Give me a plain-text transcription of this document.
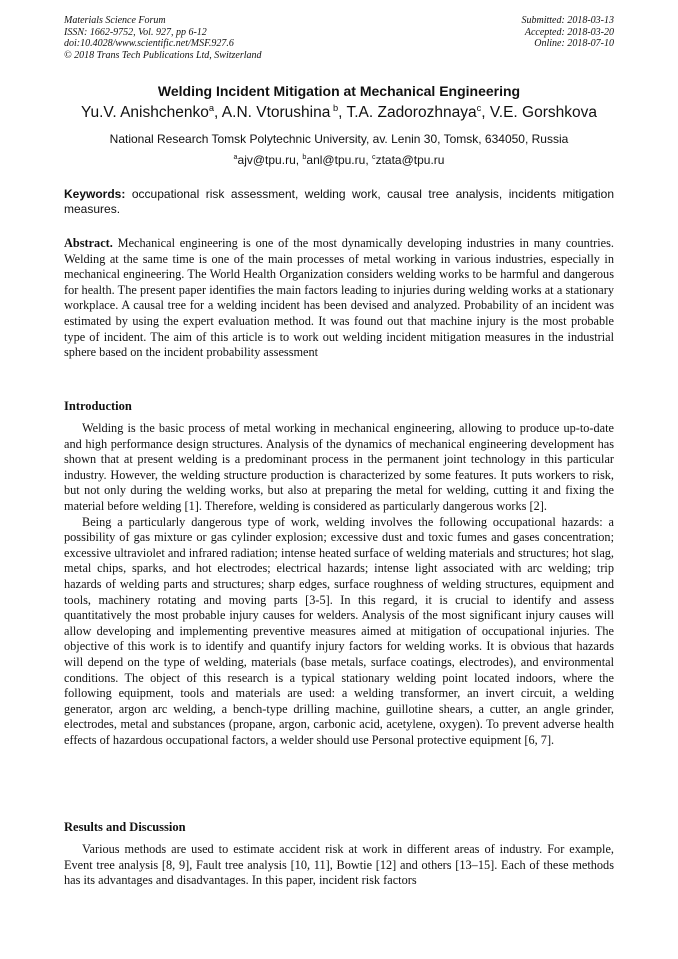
Materials Science Forum
ISSN: 1662-9752, Vol. 927, pp 6-12
doi:10.4028/www.scientific.net/MSF.927.6
© 2018 Trans Tech Publications Ltd, Switzerland
Submitted: 2018-03-13
Accepted: 2018-03-20
Online: 2018-07-10
Welding Incident Mitigation at Mechanical Engineering
Yu.V. Anishchenko$^a$, A.N. Vtorushina $^b$, T.A. Zadorozhnaya$^c$, V.E. Gorshkova
National Research Tomsk Polytechnic University, av. Lenin 30, Tomsk, 634050, Russia
$^a$ajv@tpu.ru, $^b$anl@tpu.ru, $^c$ztata@tpu.ru
Keywords: occupational risk assessment, welding work, causal tree analysis, incidents mitigation measures.
Abstract. Mechanical engineering is one of the most dynamically developing industries in many countries. Welding at the same time is one of the main processes of metal working in various industries, especially in mechanical engineering. The World Health Organization considers welding works to be harmful and dangerous for health. The present paper identifies the main factors leading to injuries during welding works at a stationary workplace. A causal tree for a welding incident has been devised and analyzed. Probability of an incident was estimated by using the expert evaluation method. It was found out that machine injury is the most probable type of incident. The aim of this article is to work out welding incident mitigation measures in the industrial sphere based on the incident probability assessment
Introduction

Welding is the basic process of metal working in mechanical engineering, allowing to produce up-to-date and high performance design structures. Analysis of the dynamics of mechanical engineering development has shown that at present welding is a predominant process in the permanent joint technology in this particular industry. However, the welding structure production is characterized by some features. It puts workers to risk, but not only during the welding works, but also at preparing the metal for welding, cutting it and fixing the material before welding [1]. Therefore, welding is considered as particularly dangerous works [2].

Being a particularly dangerous type of work, welding involves the following occupational hazards: a possibility of gas mixture or gas cylinder explosion; excessive dust and toxic fumes and gases concentration; excessive ultraviolet and infrared radiation; intense heated surface of welding materials and structures; hot slag, metal chips, sparks, and hot electrodes; electrical hazards; intense light associated with arc welding; trip hazards of welding parts and structures; sharp edges, surface roughness of welding structures, equipment and tools, machinery rotating and moving parts [3-5]. In this regard, it is crucial to identify and assess quantitatively the most probable injury causes for welders. Analysis of the most significant injury causes will allow developing and implementing preventive measures aimed at mitigation of occupational injuries. The objective of this work is to identify and quantify injury factors for welding works. It is obvious that hazards will depend on the type of welding, materials (base metals, surface coatings, electrodes), and environmental conditions. The object of this research is a typical stationary welding point located indoors, where the following equipment, tools and materials are used: a welding transformer, an invert circuit, a welding generator, argon arc welding, a bench-type drilling machine, guillotine shears, a cutter, an angle grinder, electrodes, metal and substances (propane, argon, carbonic acid, acetylene, oxygen). To prevent adverse health effects of hazardous occupational factors, a welder should use Personal protective equipment [6, 7].

Results and Discussion

Various methods are used to estimate accident risk at work in different areas of industry. For example, Event tree analysis [8, 9], Fault tree analysis [10, 11], Bowtie [12] and others [13–15]. Each of these methods has its advantages and disadvantages. In this paper, incident risk factors
